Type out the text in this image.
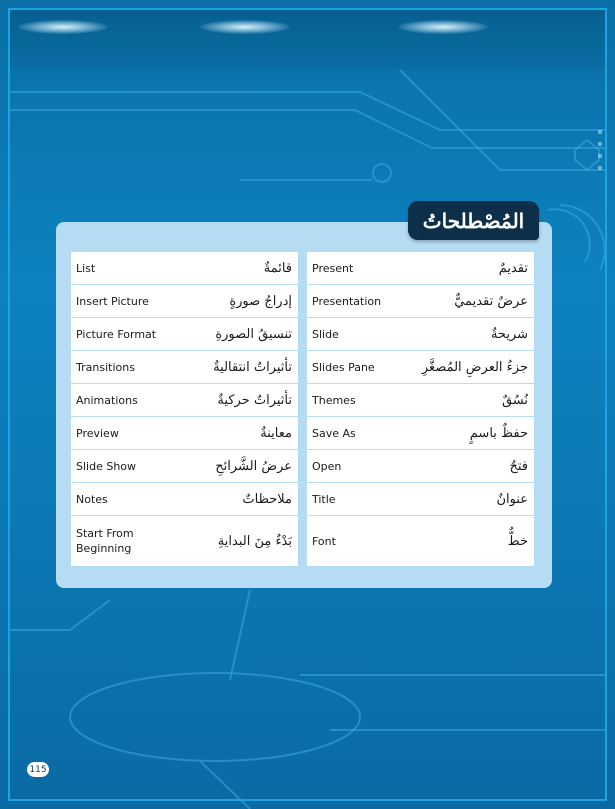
المُصْطلحاتُ
List	قائمةٌ
Insert Picture	إدراجُ صورةٍ
Picture Format	تنسيقُ الصورةِ
Transitions	تأثيراتٌ انتقاليةٌ
Animations	تأثيراتٌ حركيةٌ
Preview	معاينةٌ
Slide Show	عرضُ الشَّرائحِ
Notes	ملاحظاتٌ
Start From Beginning	بَدْءٌ مِنَ البدايةِ
Present	تقديمٌ
Presentation	عرضٌ تقديميٌّ
Slide	شريحةٌ
Slides Pane	جزءُ العرضِ المُصغَّرِ
Themes	نُسُقٌ
Save As	حفظٌ باسمٍ
Open	فتحٌ
Title	عنوانٌ
Font	خطٌّ
115
